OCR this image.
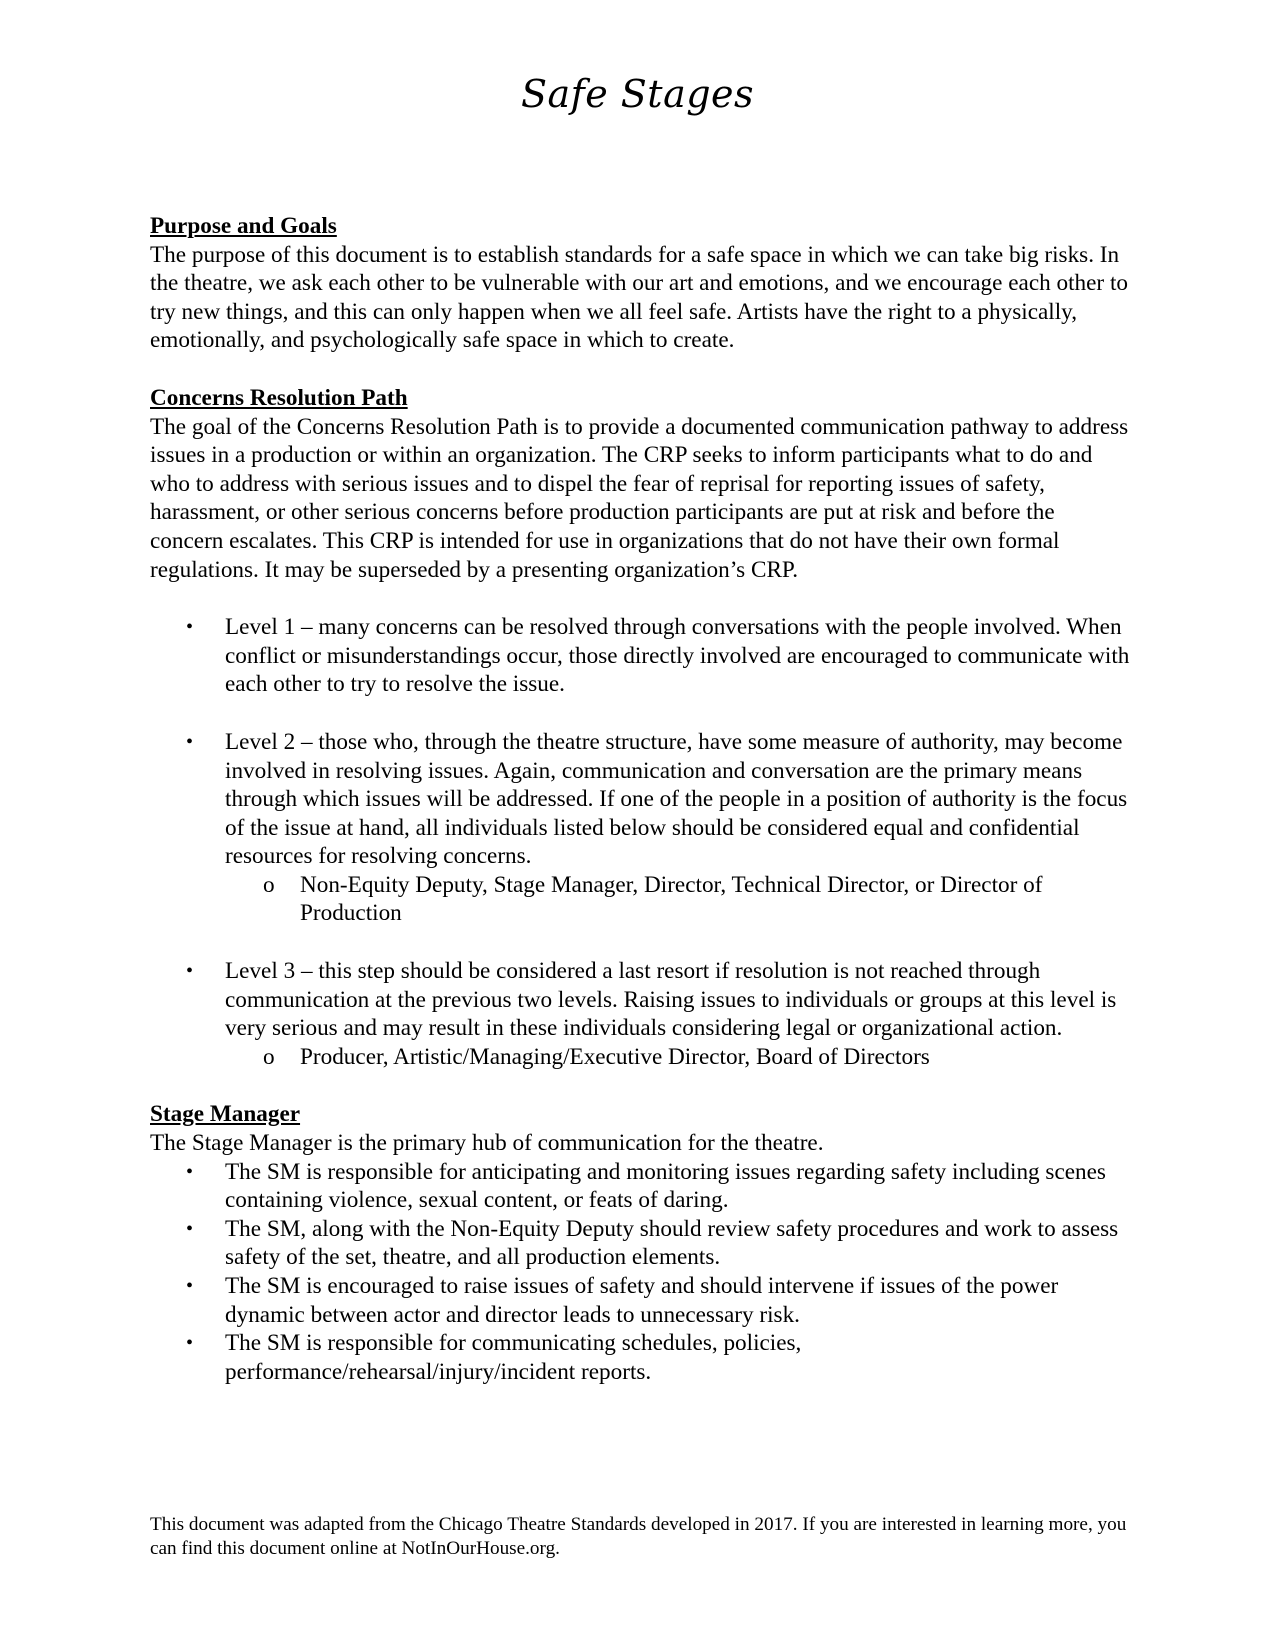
Safe Stages

Purpose and Goals

The purpose of this document is to establish standards for a safe space in which we can take big risks. In the theatre, we ask each other to be vulnerable with our art and emotions, and we encourage each other to try new things, and this can only happen when we all feel safe. Artists have the right to a physically, emotionally, and psychologically safe space in which to create.

Concerns Resolution Path

The goal of the Concerns Resolution Path is to provide a documented communication pathway to address issues in a production or within an organization. The CRP seeks to inform participants what to do and who to address with serious issues and to dispel the fear of reprisal for reporting issues of safety, harassment, or other serious concerns before production participants are put at risk and before the concern escalates. This CRP is intended for use in organizations that do not have their own formal regulations. It may be superseded by a presenting organization’s CRP.

• Level 1 – many concerns can be resolved through conversations with the people involved. When conflict or misunderstandings occur, those directly involved are encouraged to communicate with each other to try to resolve the issue.
• Level 2 – those who, through the theatre structure, have some measure of authority, may become involved in resolving issues. Again, communication and conversation are the primary means through which issues will be addressed. If one of the people in a position of authority is the focus of the issue at hand, all individuals listed below should be considered equal and confidential resources for resolving concerns.
o Non-Equity Deputy, Stage Manager, Director, Technical Director, or Director of Production
• Level 3 – this step should be considered a last resort if resolution is not reached through communication at the previous two levels. Raising issues to individuals or groups at this level is very serious and may result in these individuals considering legal or organizational action.
o Producer, Artistic/Managing/Executive Director, Board of Directors

Stage Manager

The Stage Manager is the primary hub of communication for the theatre.

• The SM is responsible for anticipating and monitoring issues regarding safety including scenes containing violence, sexual content, or feats of daring.
• The SM, along with the Non-Equity Deputy should review safety procedures and work to assess safety of the set, theatre, and all production elements.
• The SM is encouraged to raise issues of safety and should intervene if issues of the power dynamic between actor and director leads to unnecessary risk.
• The SM is responsible for communicating schedules, policies, performance/rehearsal/injury/incident reports.
This document was adapted from the Chicago Theatre Standards developed in 2017. If you are interested in learning more, you can find this document online at NotInOurHouse.org.
